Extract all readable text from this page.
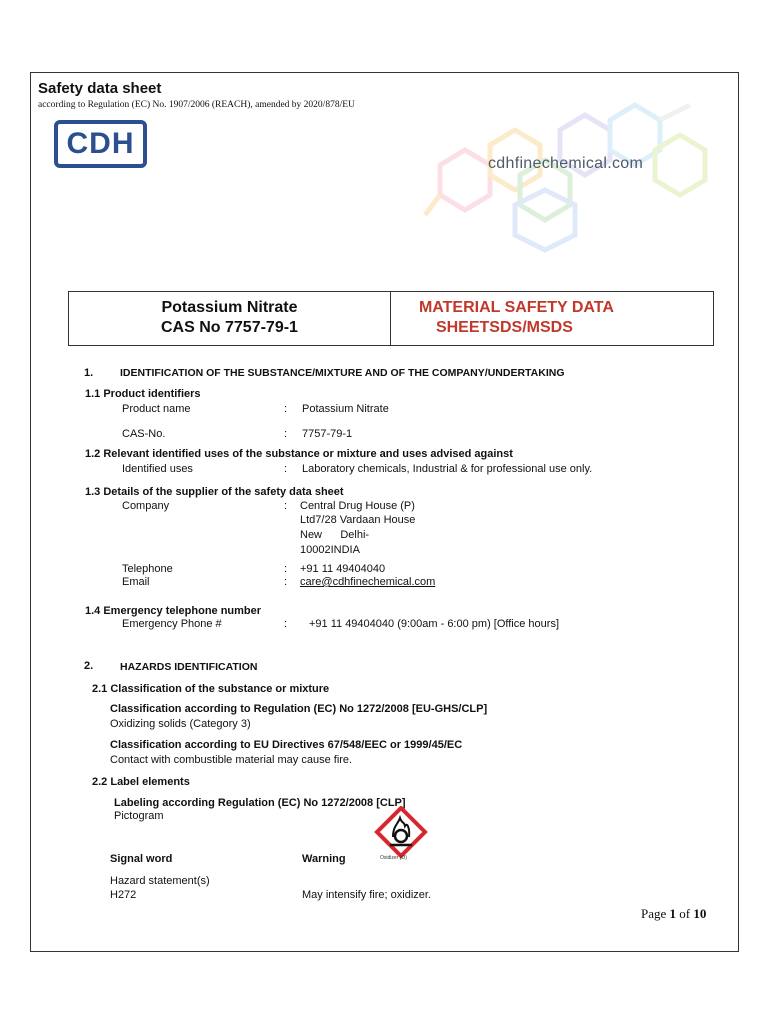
Safety data sheet
according to Regulation (EC) No. 1907/2006 (REACH), amended by 2020/878/EU
CDH
cdhfinechemical.com
Potassium Nitrate
CAS No 7757-79-1
MATERIAL SAFETY DATA
SHEETSDS/MSDS
1.	IDENTIFICATION OF THE SUBSTANCE/MIXTURE AND OF THE COMPANY/UNDERTAKING
1.1 Product identifiers
Product name	: Potassium Nitrate
CAS-No.	: 7757-79-1
1.2 Relevant identified uses of the substance or mixture and uses advised against
Identified uses	: Laboratory chemicals, Industrial & for professional use only.
1.3 Details of the supplier of the safety data sheet
Company	: Central Drug House (P)
Ltd7/28 Vardaan House
New      Delhi-
10002INDIA
Telephone	: +91 11 49404040
Email	: care@cdhfinechemical.com
1.4 Emergency telephone number
Emergency Phone #	: +91 11 49404040 (9:00am - 6:00 pm) [Office hours]
2.	HAZARDS IDENTIFICATION
2.1 Classification of the substance or mixture
Classification according to Regulation (EC) No 1272/2008 [EU-GHS/CLP]
Oxidizing solids (Category 3)
Classification according to EU Directives 67/548/EEC or 1999/45/EC
Contact with combustible material may cause fire.
2.2 Label elements
Labeling according Regulation (EC) No 1272/2008 [CLP]
Pictogram
Oxidizer (O)
Signal word	Warning
Hazard statement(s)
H272	May intensify fire; oxidizer.
Page 1 of 10
